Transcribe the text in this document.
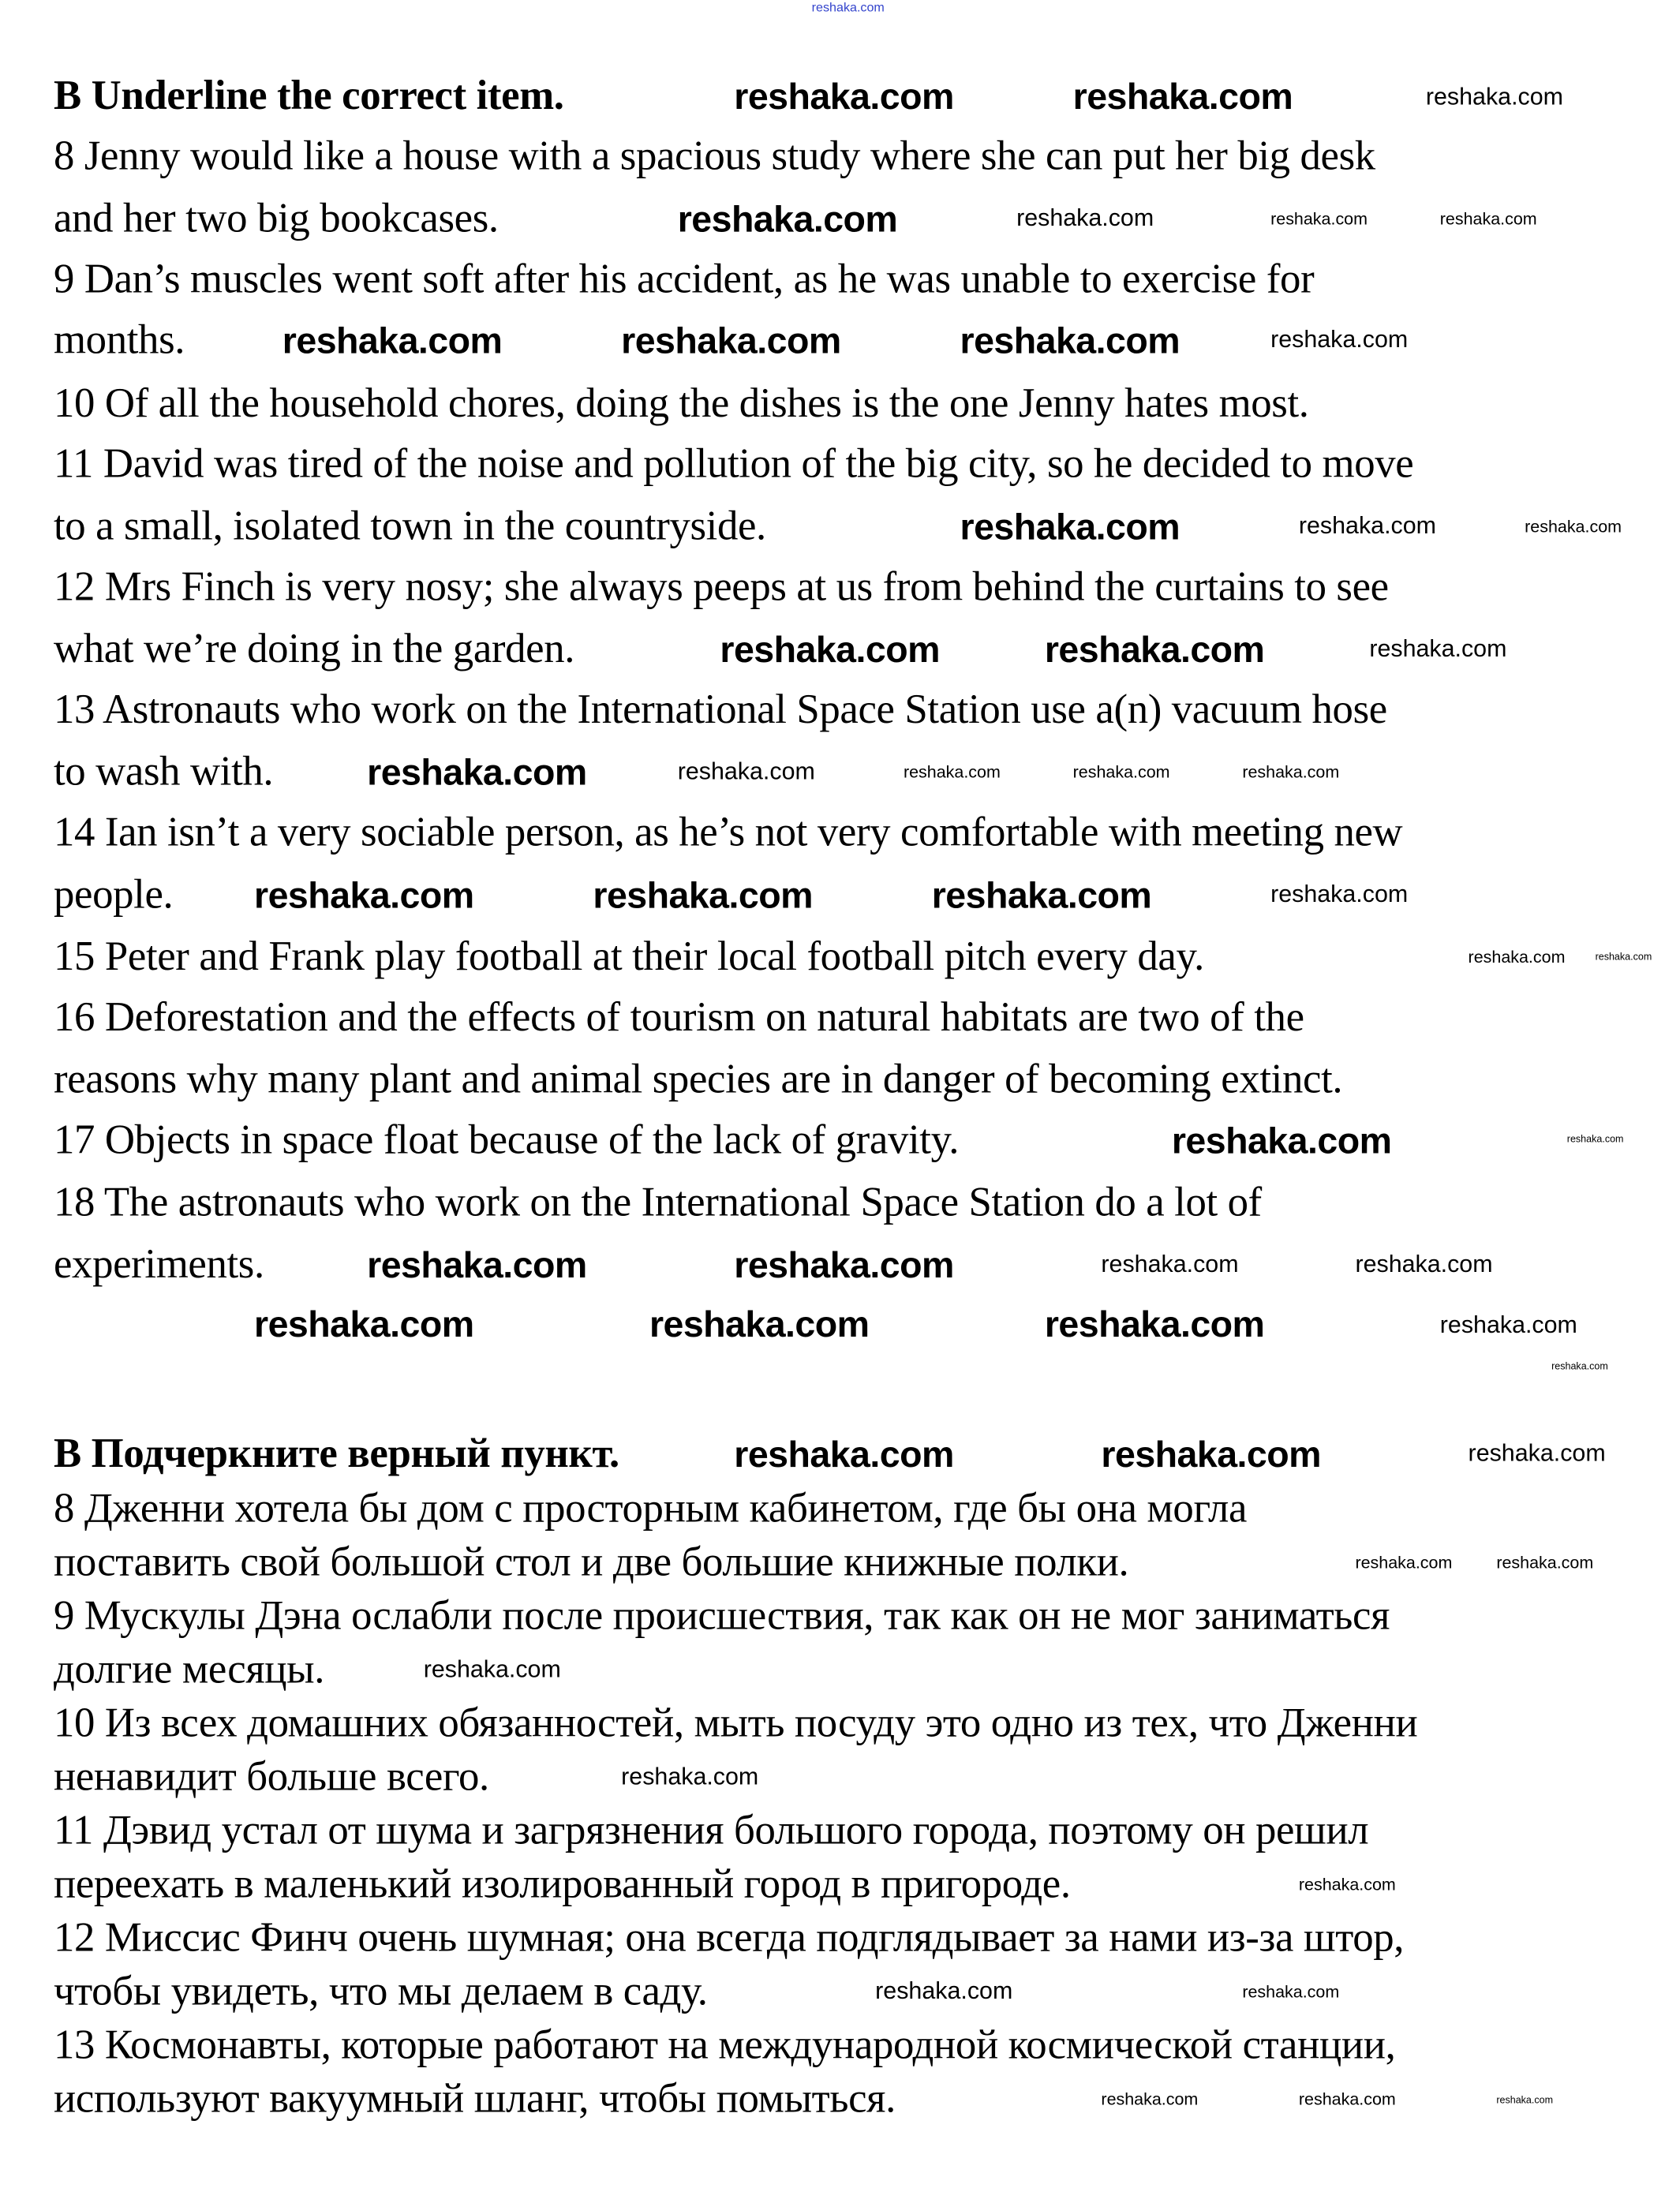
reshaka.com
B Underline the correct item.
8 Jenny would like a house with a spacious study where she can put her big desk
and her two big bookcases.
9 Dan’s muscles went soft after his accident, as he was unable to exercise for
months.
10 Of all the household chores, doing the dishes is the one Jenny hates most.
11 David was tired of the noise and pollution of the big city, so he decided to move
to a small, isolated town in the countryside.
12 Mrs Finch is very nosy; she always peeps at us from behind the curtains to see
what we’re doing in the garden.
13 Astronauts who work on the International Space Station use a(n) vacuum hose
to wash with.
14 Ian isn’t a very sociable person, as he’s not very comfortable with meeting new
people.
15 Peter and Frank play football at their local football pitch every day.
16 Deforestation and the effects of tourism on natural habitats are two of the
reasons why many plant and animal species are in danger of becoming extinct.
17 Objects in space float because of the lack of gravity.
18 The astronauts who work on the International Space Station do a lot of
experiments.
В Подчеркните верный пункт.
8 Дженни хотела бы дом с просторным кабинетом, где бы она могла
поставить свой большой стол и две большие книжные полки.
9 Мускулы Дэна ослабли после происшествия, так как он не мог заниматься
долгие месяцы.
10 Из всех домашних обязанностей, мыть посуду это одно из тех, что Дженни
ненавидит больше всего.
11 Дэвид устал от шума и загрязнения большого города, поэтому он решил
переехать в маленький изолированный город в пригороде.
12 Миссис Финч очень шумная; она всегда подглядывает за нами из-за штор,
чтобы увидеть, что мы делаем в саду.
13 Космонавты, которые работают на международной космической станции,
используют вакуумный шланг, чтобы помыться.
reshaka.com	reshaka.com
reshaka.com
reshaka.com	reshaka.com	reshaka.com
reshaka.com
reshaka.com	reshaka.com
reshaka.com
reshaka.com	reshaka.com	reshaka.com
reshaka.com
reshaka.com	reshaka.com
reshaka.com	reshaka.com	reshaka.com
reshaka.com	reshaka.com
reshaka.com
reshaka.com
reshaka.com
reshaka.com
reshaka.com
reshaka.com
reshaka.com
reshaka.com	reshaka.com
reshaka.com
reshaka.com
reshaka.com
reshaka.com
reshaka.com
reshaka.com	reshaka.com
reshaka.com
reshaka.com	reshaka.com	reshaka.com
reshaka.com
reshaka.com	reshaka.com
reshaka.com
reshaka.com
reshaka.com	reshaka.com
reshaka.com
reshaka.com
reshaka.com
reshaka.com
